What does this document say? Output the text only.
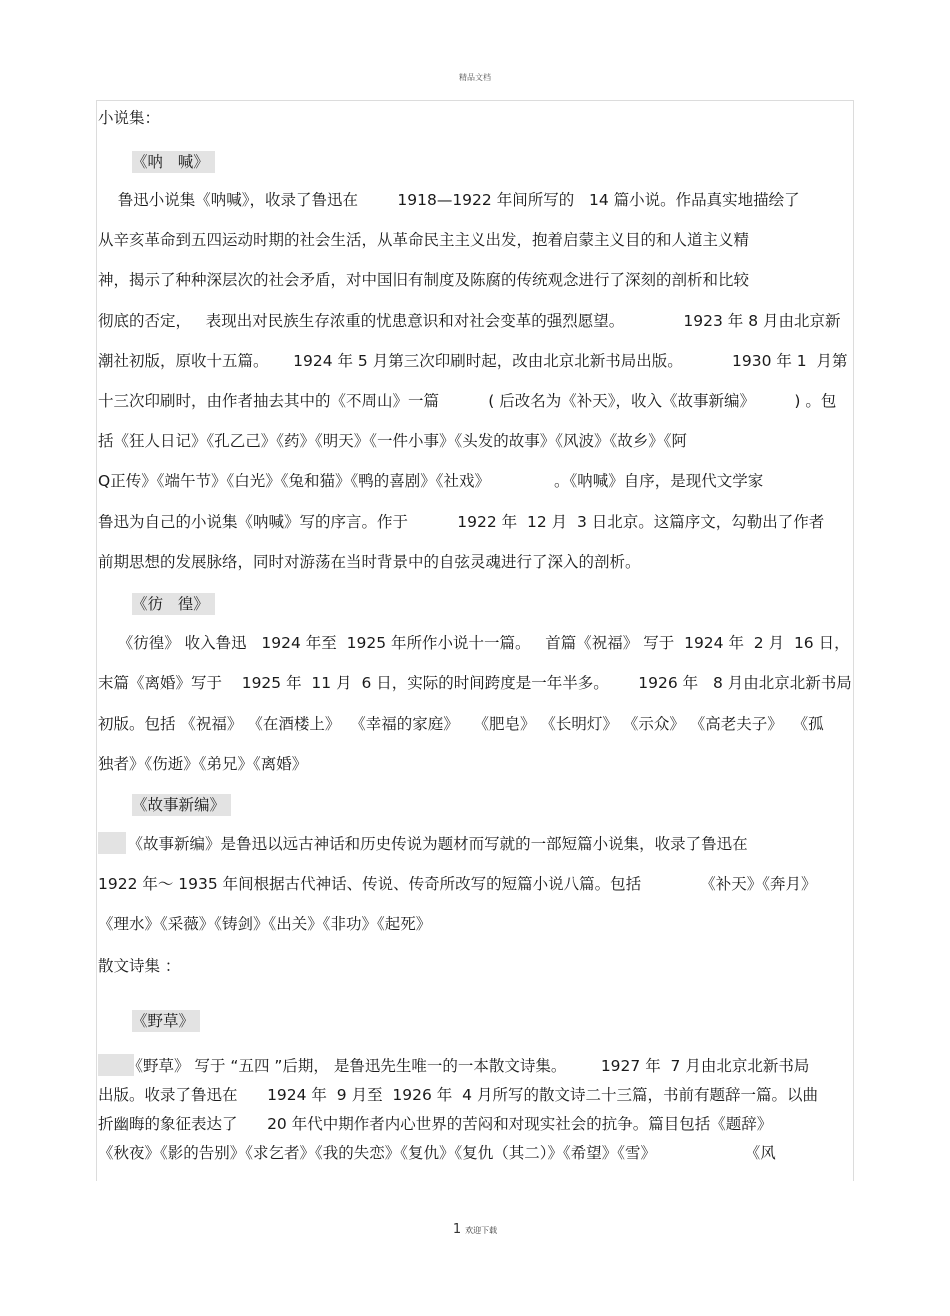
精品文档
小说集：
《呐   喊》
鲁迅小说集《呐喊》，收录了鲁迅在        1918—1922 年间所写的   14 篇小说。作品真实地描绘了
从辛亥革命到五四运动时期的社会生活，从革命民主主义出发，抱着启蒙主义目的和人道主义精
神，揭示了种种深层次的社会矛盾，对中国旧有制度及陈腐的传统观念进行了深刻的剖析和比较
彻底的否定，   表现出对民族生存浓重的忧患意识和对社会变革的强烈愿望。            1923 年 8 月由北京新
潮社初版，原收十五篇。     1924 年 5 月第三次印刷时起，改由北京北新书局出版。          1930 年 1  月第
十三次印刷时，由作者抽去其中的《不周山》一篇          ( 后改名为《补天》，收入《故事新编》        ) 。包
括《狂人日记》《孔乙己》《药》《明天》《一件小事》《头发的故事》《风波》《故乡》《阿
Q正传》《端午节》《白光》《兔和猫》《鸭的喜剧》《社戏》             。《呐喊》自序，是现代文学家
鲁迅为自己的小说集《呐喊》写的序言。作于          1922 年  12 月  3 日北京。这篇序文，勾勒出了作者
前期思想的发展脉络，同时对游荡在当时背景中的自弦灵魂进行了深入的剖析。
《彷   徨》
《彷徨》 收入鲁迅   1924 年至  1925 年所作小说十一篇。   首篇《祝福》 写于  1924 年  2 月  16 日，
末篇《离婚》写于    1925 年  11 月  6 日，实际的时间跨度是一年半多。      1926 年   8 月由北京北新书局
初版。包括 《祝福》 《在酒楼上》  《幸福的家庭》   《肥皂》 《长明灯》 《示众》 《高老夫子》  《孤
独者》《伤逝》《弟兄》《离婚》
《故事新编》
《故事新编》是鲁迅以远古神话和历史传说为题材而写就的一部短篇小说集，收录了鲁迅在
1922 年～ 1935 年间根据古代神话、传说、传奇所改写的短篇小说八篇。包括            《补天》《奔月》
《理水》《采薇》《铸剑》《出关》《非功》《起死》
散文诗集 ：
《野草》
《野草》 写于 “五四 ”后期， 是鲁迅先生唯一的一本散文诗集。       1927 年  7 月由北京北新书局
出版。收录了鲁迅在      1924 年  9 月至  1926 年  4 月所写的散文诗二十三篇，书前有题辞一篇。以曲
折幽晦的象征表达了      20 年代中期作者内心世界的苦闷和对现实社会的抗争。篇目包括《题辞》
《秋夜》《影的告别》《求乞者》《我的失恋》《复仇》《复仇（其二）》《希望》《雪》                  《风
1 欢迎下载
